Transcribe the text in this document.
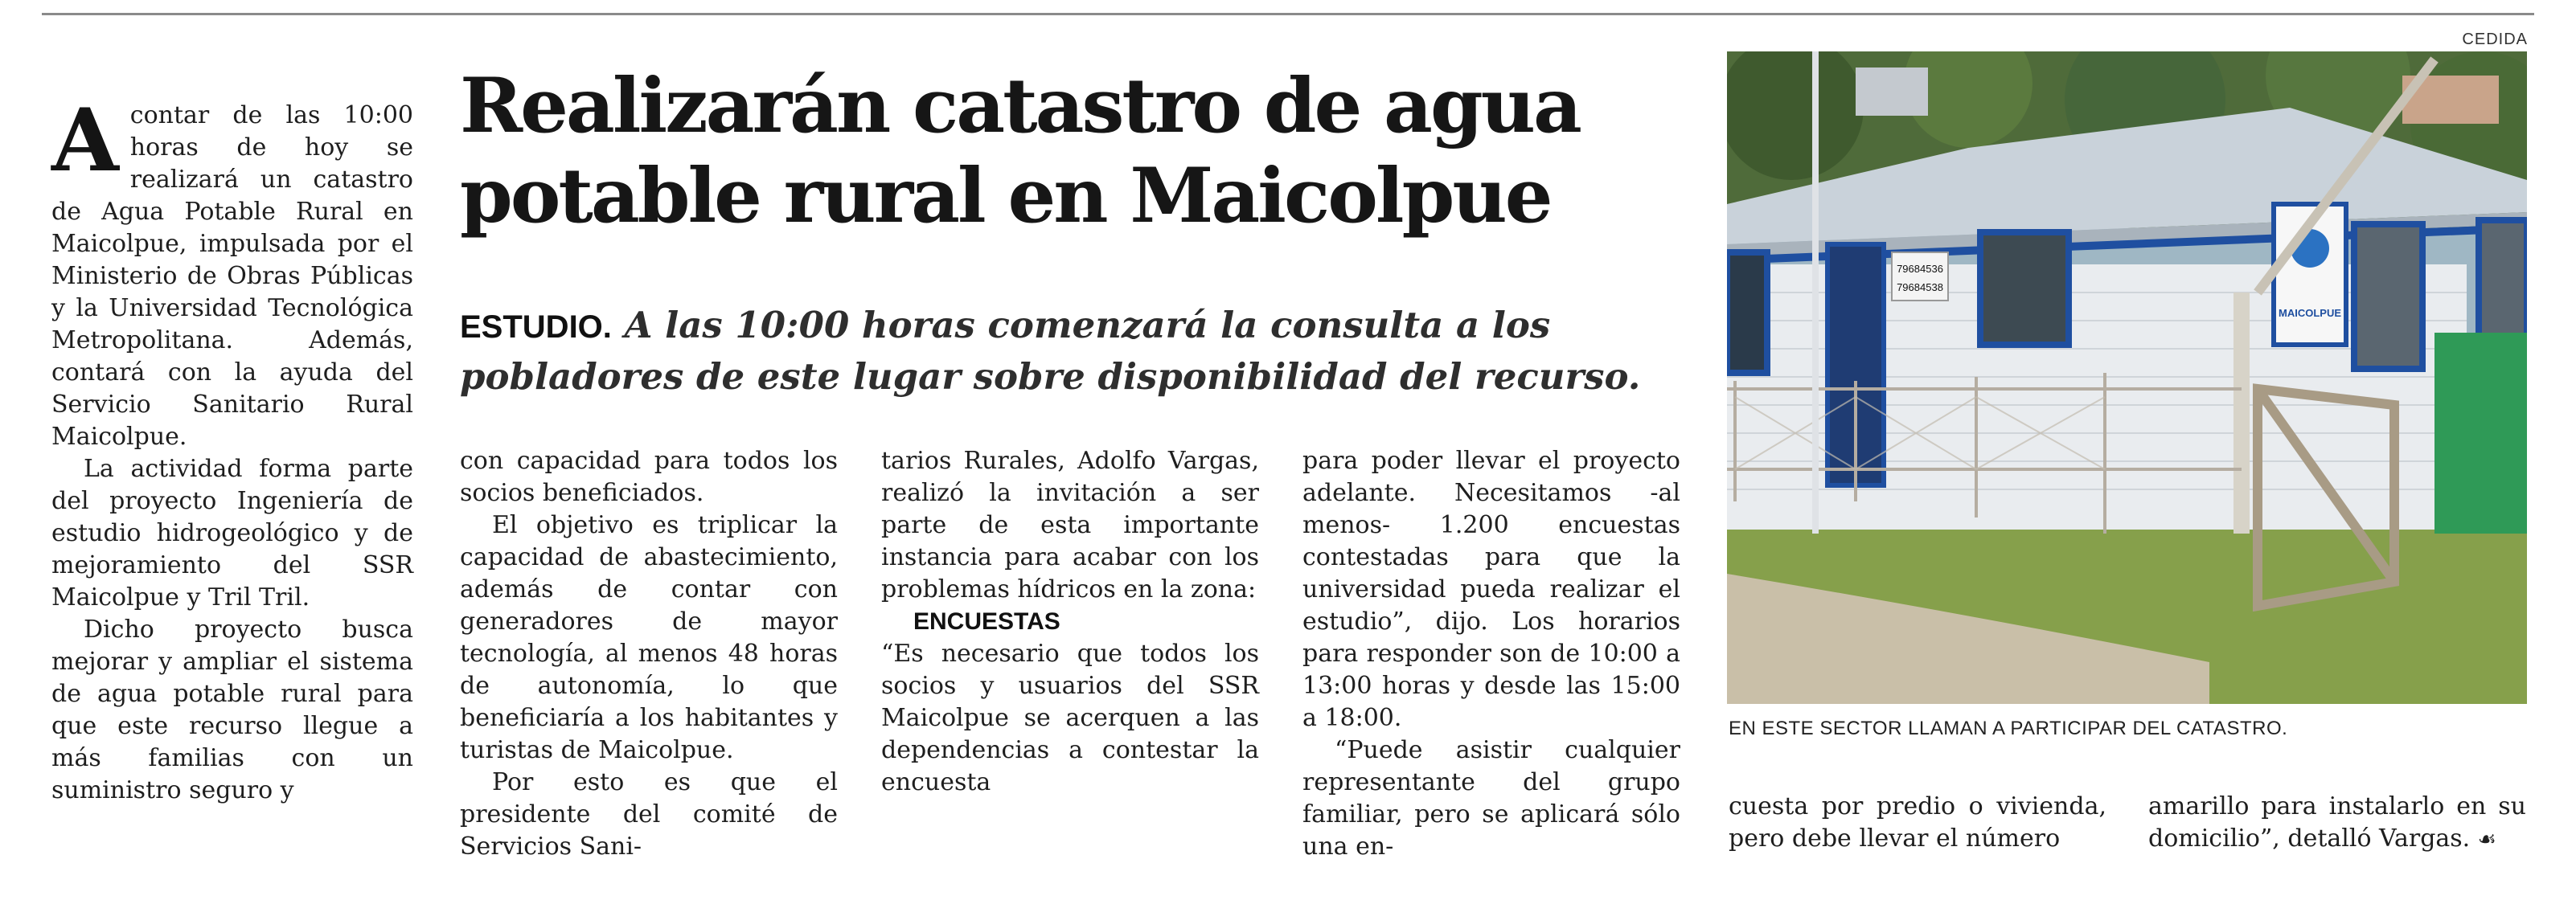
CEDIDA
Realizarán catastro de agua potable rural en Maicolpue

ESTUDIO. A las 10:00 horas comenzará la consulta a los pobladores de este lugar sobre disponibilidad del recurso.

A contar de las 10:00 horas de hoy se realizará un catastro de Agua Potable Rural en Maicolpue, impulsada por el Ministerio de Obras Públicas y la Universidad Tecnológica Metropolitana. Además, contará con la ayuda del Servicio Sanitario Rural Maicolpue.

La actividad forma parte del proyecto Ingeniería de estudio hidrogeológico y de mejoramiento del SSR Maicolpue y Tril Tril.

Dicho proyecto busca mejorar y ampliar el sistema de agua potable rural para que este recurso llegue a más familias con un suministro seguro y

con capacidad para todos los socios beneficiados.

El objetivo es triplicar la capacidad de abastecimiento, además de contar con generadores de mayor tecnología, al menos 48 horas de autonomía, lo que beneficiaría a los habitantes y turistas de Maicolpue.

Por esto es que el presidente del comité de Servicios Sani-

tarios Rurales, Adolfo Vargas, realizó la invitación a ser parte de esta importante instancia para acabar con los problemas hídricos en la zona:

ENCUESTAS

“Es necesario que todos los socios y usuarios del SSR Maicolpue se acerquen a las dependencias a contestar la encuesta

para poder llevar el proyecto adelante. Necesitamos -al menos- 1.200 encuestas contestadas para que la universidad pueda realizar el estudio”, dijo. Los horarios para responder son de 10:00 a 13:00 horas y desde las 15:00 a 18:00.

“Puede asistir cualquier representante del grupo familiar, pero se aplicará sólo una en-

cuesta por predio o vivienda, pero debe llevar el número

amarillo para instalarlo en su domicilio”, detalló Vargas. ☙

79684536
79684538
MAICOLPUE
EN ESTE SECTOR LLAMAN A PARTICIPAR DEL CATASTRO.
